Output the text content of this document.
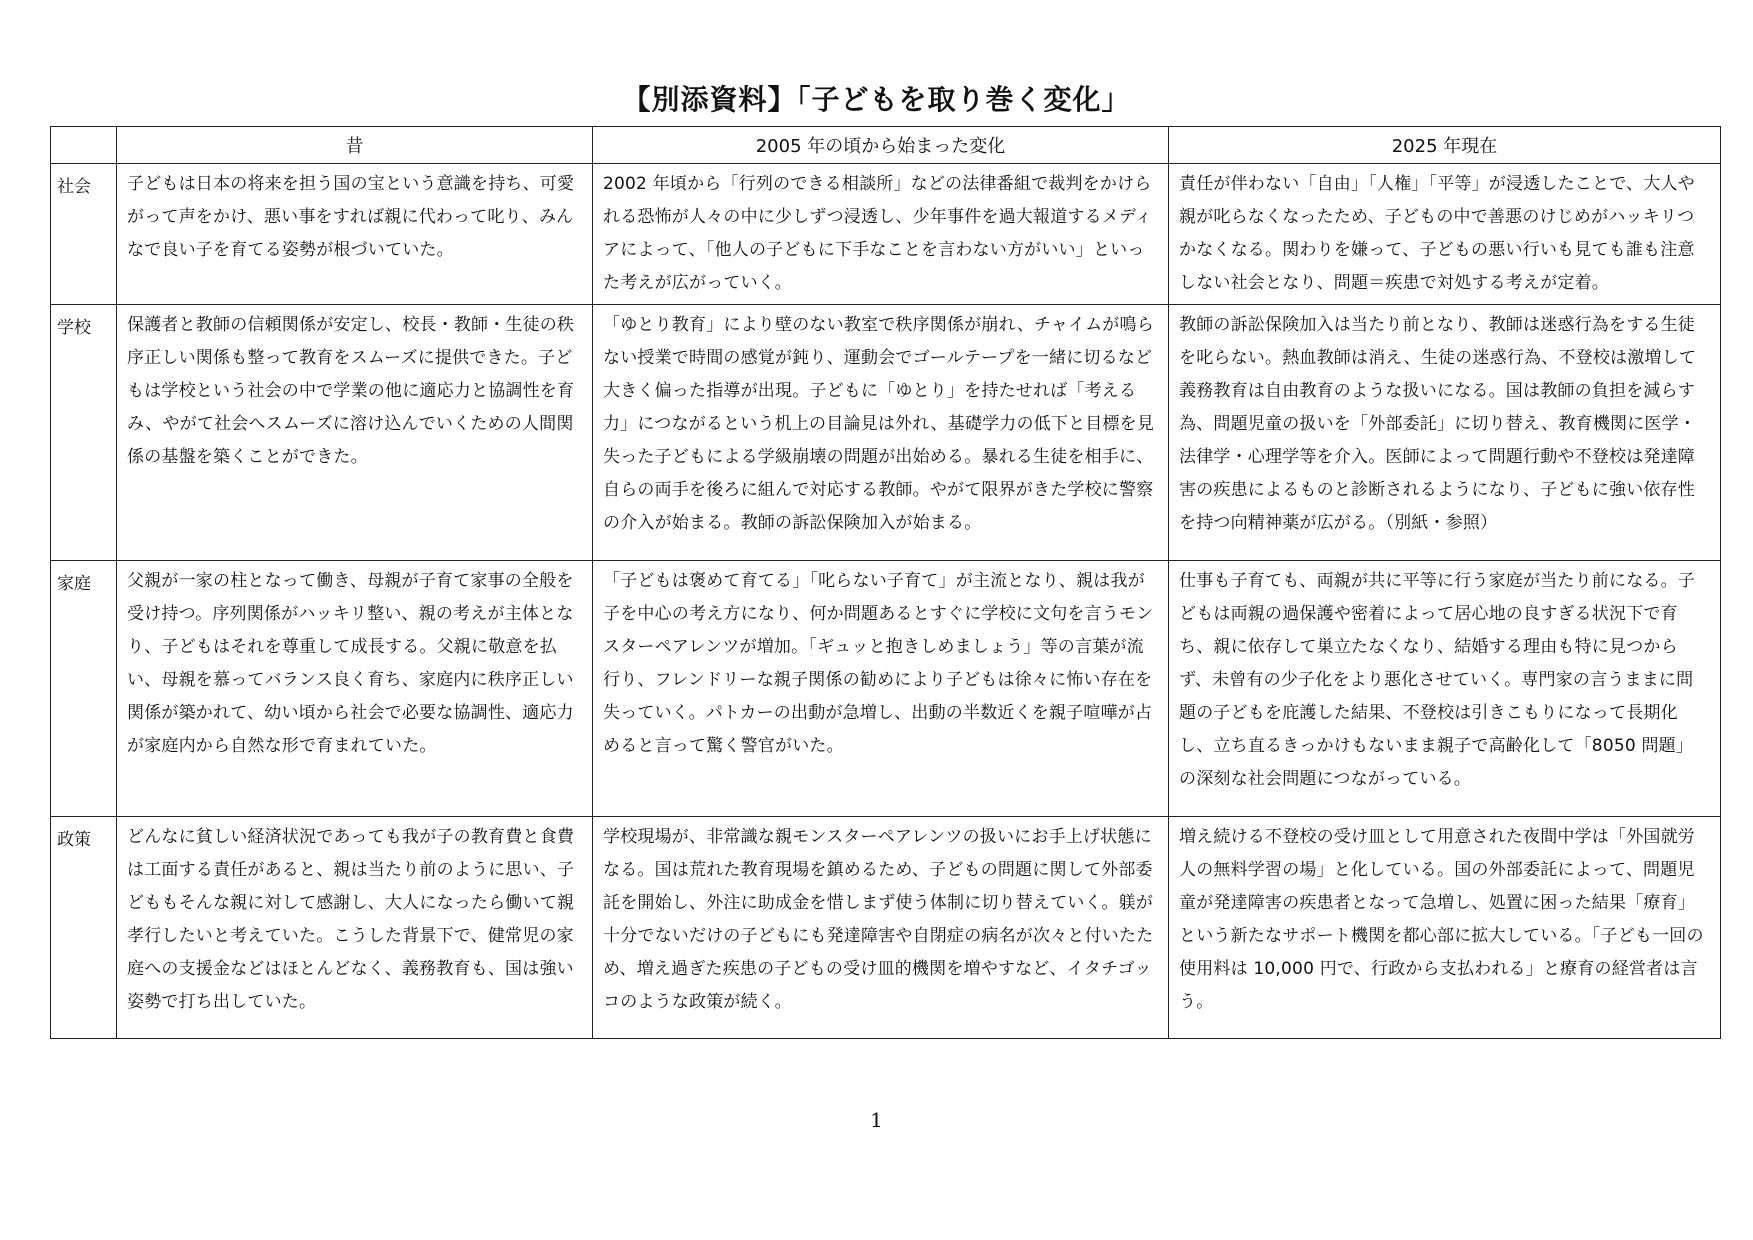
【別添資料】「子どもを取り巻く変化」
	昔	2005 年の頃から始まった変化	2025 年現在
社会	子どもは日本の将来を担う国の宝という意識を持ち、可愛がって声をかけ、悪い事をすれば親に代わって叱り、みんなで良い子を育てる姿勢が根づいていた。	2002 年頃から「行列のできる相談所」などの法律番組で裁判をかけられる恐怖が人々の中に少しずつ浸透し、少年事件を過大報道するメディアによって、「他人の子どもに下手なことを言わない方がいい」といった考えが広がっていく。	責任が伴わない「自由」「人権」「平等」が浸透したことで、大人や親が叱らなくなったため、子どもの中で善悪のけじめがハッキリつかなくなる。関わりを嫌って、子どもの悪い行いも見ても誰も注意しない社会となり、問題＝疾患で対処する考えが定着。
学校	保護者と教師の信頼関係が安定し、校長・教師・生徒の秩序正しい関係も整って教育をスムーズに提供できた。子どもは学校という社会の中で学業の他に適応力と協調性を育み、やがて社会へスムーズに溶け込んでいくための人間関係の基盤を築くことができた。	「ゆとり教育」により壁のない教室で秩序関係が崩れ、チャイムが鳴らない授業で時間の感覚が鈍り、運動会でゴールテープを一緒に切るなど大きく偏った指導が出現。子どもに「ゆとり」を持たせれば「考える力」につながるという机上の目論見は外れ、基礎学力の低下と目標を見失った子どもによる学級崩壊の問題が出始める。暴れる生徒を相手に、自らの両手を後ろに組んで対応する教師。やがて限界がきた学校に警察の介入が始まる。教師の訴訟保険加入が始まる。	教師の訴訟保険加入は当たり前となり、教師は迷惑行為をする生徒を叱らない。熱血教師は消え、生徒の迷惑行為、不登校は激増して義務教育は自由教育のような扱いになる。国は教師の負担を減らす為、問題児童の扱いを「外部委託」に切り替え、教育機関に医学・法律学・心理学等を介入。医師によって問題行動や不登校は発達障害の疾患によるものと診断されるようになり、子どもに強い依存性を持つ向精神薬が広がる。（別紙・参照）
家庭	父親が一家の柱となって働き、母親が子育て家事の全般を受け持つ。序列関係がハッキリ整い、親の考えが主体となり、子どもはそれを尊重して成長する。父親に敬意を払い、母親を慕ってバランス良く育ち、家庭内に秩序正しい関係が築かれて、幼い頃から社会で必要な協調性、適応力が家庭内から自然な形で育まれていた。	「子どもは褒めて育てる」「叱らない子育て」が主流となり、親は我が子を中心の考え方になり、何か問題あるとすぐに学校に文句を言うモンスターペアレンツが増加。「ギュッと抱きしめましょう」等の言葉が流行り、フレンドリーな親子関係の勧めにより子どもは徐々に怖い存在を失っていく。パトカーの出動が急増し、出動の半数近くを親子喧嘩が占めると言って驚く警官がいた。	仕事も子育ても、両親が共に平等に行う家庭が当たり前になる。子どもは両親の過保護や密着によって居心地の良すぎる状況下で育ち、親に依存して巣立たなくなり、結婚する理由も特に見つからず、未曾有の少子化をより悪化させていく。専門家の言うままに問題の子どもを庇護した結果、不登校は引きこもりになって長期化し、立ち直るきっかけもないまま親子で高齢化して「8050 問題」の深刻な社会問題につながっている。
政策	どんなに貧しい経済状況であっても我が子の教育費と食費は工面する責任があると、親は当たり前のように思い、子どももそんな親に対して感謝し、大人になったら働いて親孝行したいと考えていた。こうした背景下で、健常児の家庭への支援金などはほとんどなく、義務教育も、国は強い姿勢で打ち出していた。	学校現場が、非常識な親モンスターペアレンツの扱いにお手上げ状態になる。国は荒れた教育現場を鎮めるため、子どもの問題に関して外部委託を開始し、外注に助成金を惜しまず使う体制に切り替えていく。躾が十分でないだけの子どもにも発達障害や自閉症の病名が次々と付いたため、増え過ぎた疾患の子どもの受け皿的機関を増やすなど、イタチゴッコのような政策が続く。	増え続ける不登校の受け皿として用意された夜間中学は「外国就労人の無料学習の場」と化している。国の外部委託によって、問題児童が発達障害の疾患者となって急増し、処置に困った結果「療育」という新たなサポート機関を都心部に拡大している。「子ども一回の使用料は 10,000 円で、行政から支払われる」と療育の経営者は言う。
1
